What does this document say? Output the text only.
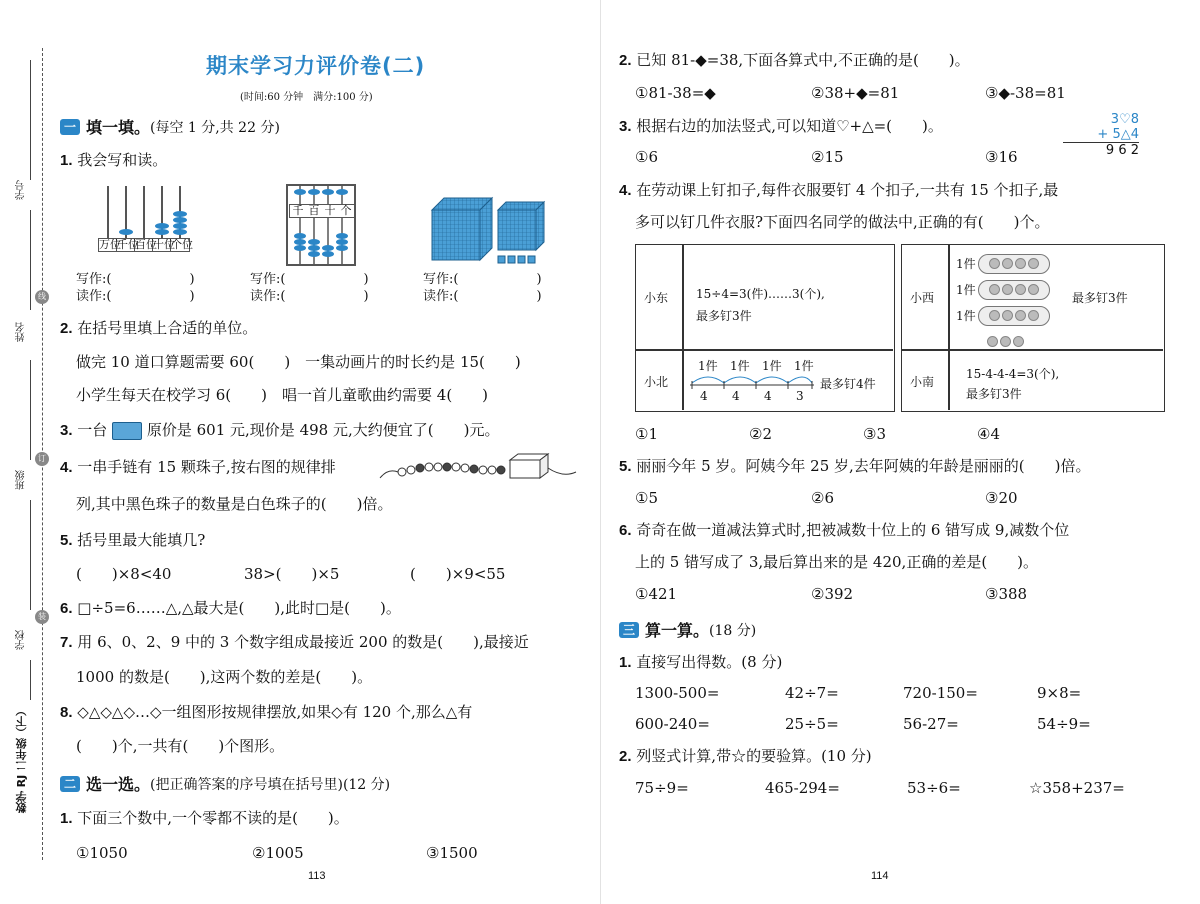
学号
线
姓名
订
班级
装
学校
数学 RJ 二年级（下）
期末学习力评价卷(二)
(时间:60 分钟　满分:100 分)
一 填一填。 (每空 1 分,共 22 分)
1. 我会写和读。
万位
千位
百位
十位
个位
千 百 十 个
写作:(　　　　　　)
读作:(　　　　　　)
写作:(　　　　　　)
读作:(　　　　　　)
写作:(　　　　　　)
读作:(　　　　　　)
2. 在括号里填上合适的单位。
做完 10 道口算题需要 60(　　)　一集动画片的时长约是 15(　　)
小学生每天在校学习 6(　　)　唱一首儿童歌曲约需要 4(　　)
3. 一台	原价是 601 元,现价是 498 元,大约便宜了(　　)元。
4. 一串手链有 15 颗珠子,按右图的规律排
列,其中黑色珠子的数量是白色珠子的(　　)倍。
5. 括号里最大能填几?
(　　)×8<40	38>(　　)×5	(　　)×9<55
6. □÷5=6……△,△最大是(　　),此时□是(　　)。
7. 用 6、0、2、9 中的 3 个数字组成最接近 200 的数是(　　),最接近
1000 的数是(　　),这两个数的差是(　　)。
8. ◇△◇△◇…◇一组图形按规律摆放,如果◇有 120 个,那么△有
(　　)个,一共有(　　)个图形。
二 选一选。 (把正确答案的序号填在括号里)(12 分)
1. 下面三个数中,一个零都不读的是(　　)。
①1050	②1005	③1500
113
2. 已知 81-◆=38,下面各算式中,不正确的是(　　)。
①81-38=◆	②38+◆=81	③◆-38=81
3. 根据右边的加法竖式,可以知道♡+△=(　　)。
①6	②15	③16
3♡8
+ 5△4
9 6 2
4. 在劳动课上钉扣子,每件衣服要钉 4 个扣子,一共有 15 个扣子,最
多可以钉几件衣服?下面四名同学的做法中,正确的有(　　)个。
小东 15÷4=3(件)……3(个),
最多钉3件
小北
1件 1件 1件 1件
4 4 4 3
最多钉4件
小西
1件
1件
1件
最多钉3件
小南
15-4-4-4=3(个),
最多钉3件
①1	②2	③3	④4
5. 丽丽今年 5 岁。阿姨今年 25 岁,去年阿姨的年龄是丽丽的(　　)倍。
①5	②6	③20
6. 奇奇在做一道减法算式时,把被减数十位上的 6 错写成 9,减数个位
上的 5 错写成了 3,最后算出来的是 420,正确的差是(　　)。
①421	②392	③388
三 算一算。 (18 分)
1. 直接写出得数。(8 分)
1300-500=	42÷7=	720-150=	9×8=
600-240=	25÷5=	56-27=	54÷9=
2. 列竖式计算,带☆的要验算。(10 分)
75÷9=	465-294=	53÷6=	☆358+237=
114
